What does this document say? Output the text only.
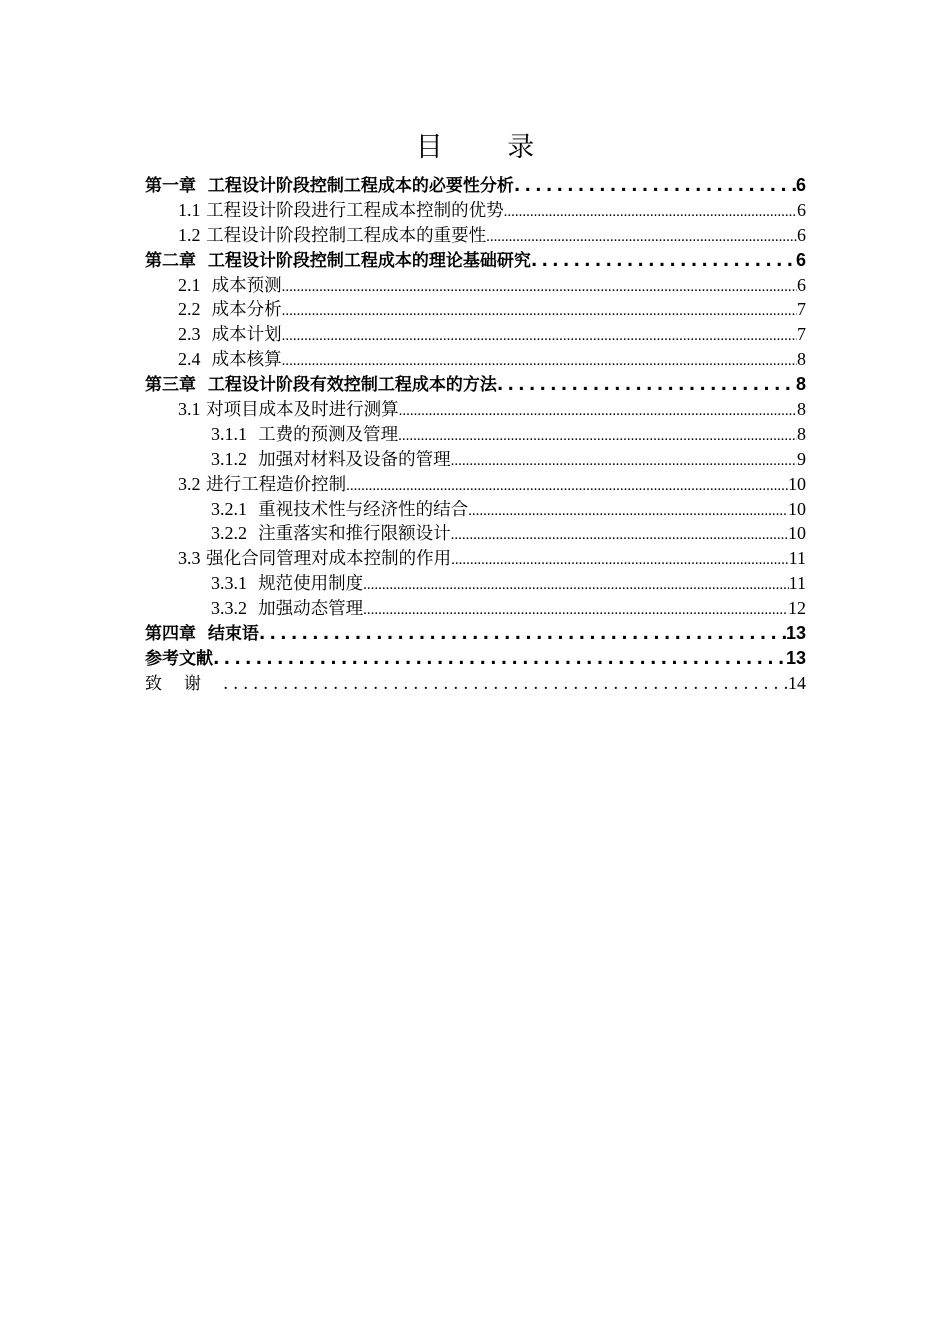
目 录
第一章 工程设计阶段控制工程成本的必要性分析 .....	6
1.1 工程设计阶段进行工程成本控制的优势 .....	6
1.2 工程设计阶段控制工程成本的重要性 .....	6
第二章 工程设计阶段控制工程成本的理论基础研究 .....	6
2.1 成本预测 .....	6
2.2 成本分析 .....	7
2.3 成本计划 .....	7
2.4 成本核算 .....	8
第三章 工程设计阶段有效控制工程成本的方法 .....	8
3.1 对项目成本及时进行测算 .....	8
3.1.1 工费的预测及管理 .....	8
3.1.2 加强对材料及设备的管理 .....	9
3.2 进行工程造价控制 .....	10
3.2.1 重视技术性与经济性的结合 .....	10
3.2.2 注重落实和推行限额设计 .....	10
3.3 强化合同管理对成本控制的作用 .....	11
3.3.1 规范使用制度 .....	11
3.3.2 加强动态管理 .....	12
第四章 结束语 .....	13
参考文献 .....	13
致谢 .....	14
